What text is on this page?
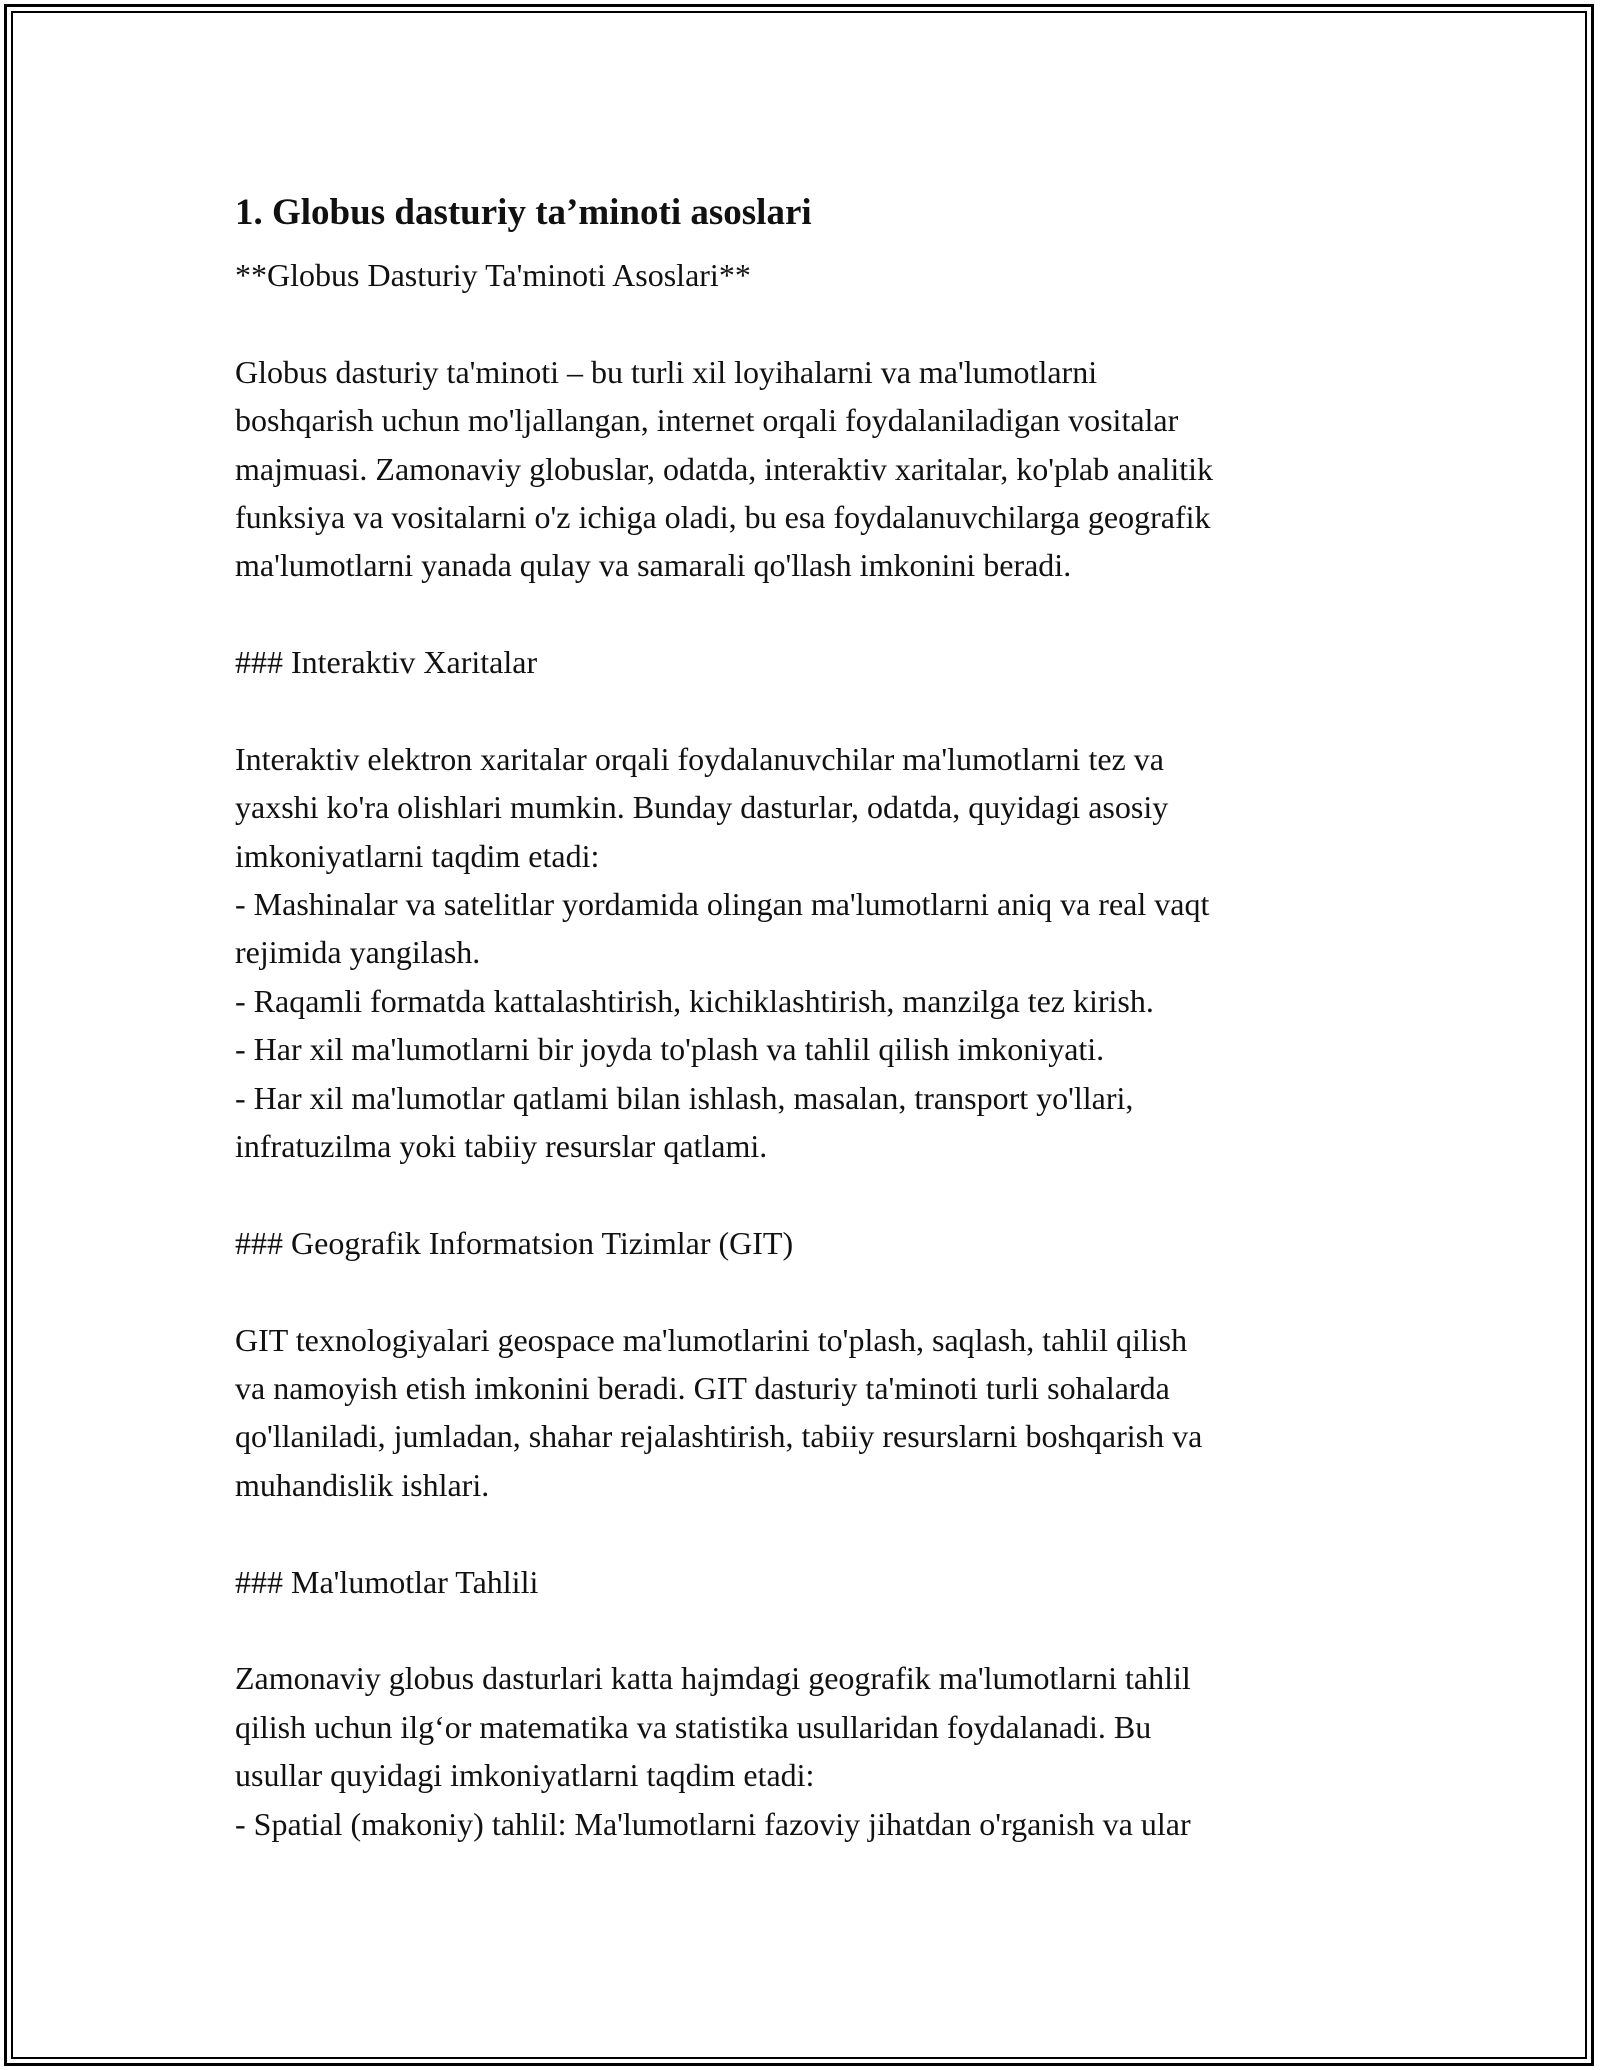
1. Globus dasturiy ta’minoti asoslari
**Globus Dasturiy Ta'minoti Asoslari**
Globus dasturiy ta'minoti – bu turli xil loyihalarni va ma'lumotlarni
boshqarish uchun mo'ljallangan, internet orqali foydalaniladigan vositalar
majmuasi. Zamonaviy globuslar, odatda, interaktiv xaritalar, ko'plab analitik
funksiya va vositalarni o'z ichiga oladi, bu esa foydalanuvchilarga geografik
ma'lumotlarni yanada qulay va samarali qo'llash imkonini beradi.
### Interaktiv Xaritalar
Interaktiv elektron xaritalar orqali foydalanuvchilar ma'lumotlarni tez va
yaxshi ko'ra olishlari mumkin. Bunday dasturlar, odatda, quyidagi asosiy
imkoniyatlarni taqdim etadi:
- Mashinalar va satelitlar yordamida olingan ma'lumotlarni aniq va real vaqt
rejimida yangilash.
- Raqamli formatda kattalashtirish, kichiklashtirish, manzilga tez kirish.
- Har xil ma'lumotlarni bir joyda to'plash va tahlil qilish imkoniyati.
- Har xil ma'lumotlar qatlami bilan ishlash, masalan, transport yo'llari,
infratuzilma yoki tabiiy resurslar qatlami.
### Geografik Informatsion Tizimlar (GIT)
GIT texnologiyalari geospace ma'lumotlarini to'plash, saqlash, tahlil qilish
va namoyish etish imkonini beradi. GIT dasturiy ta'minoti turli sohalarda
qo'llaniladi, jumladan, shahar rejalashtirish, tabiiy resurslarni boshqarish va
muhandislik ishlari.
### Ma'lumotlar Tahlili
Zamonaviy globus dasturlari katta hajmdagi geografik ma'lumotlarni tahlil
qilish uchun ilg‘or matematika va statistika usullaridan foydalanadi. Bu
usullar quyidagi imkoniyatlarni taqdim etadi:
- Spatial (makoniy) tahlil: Ma'lumotlarni fazoviy jihatdan o'rganish va ular
